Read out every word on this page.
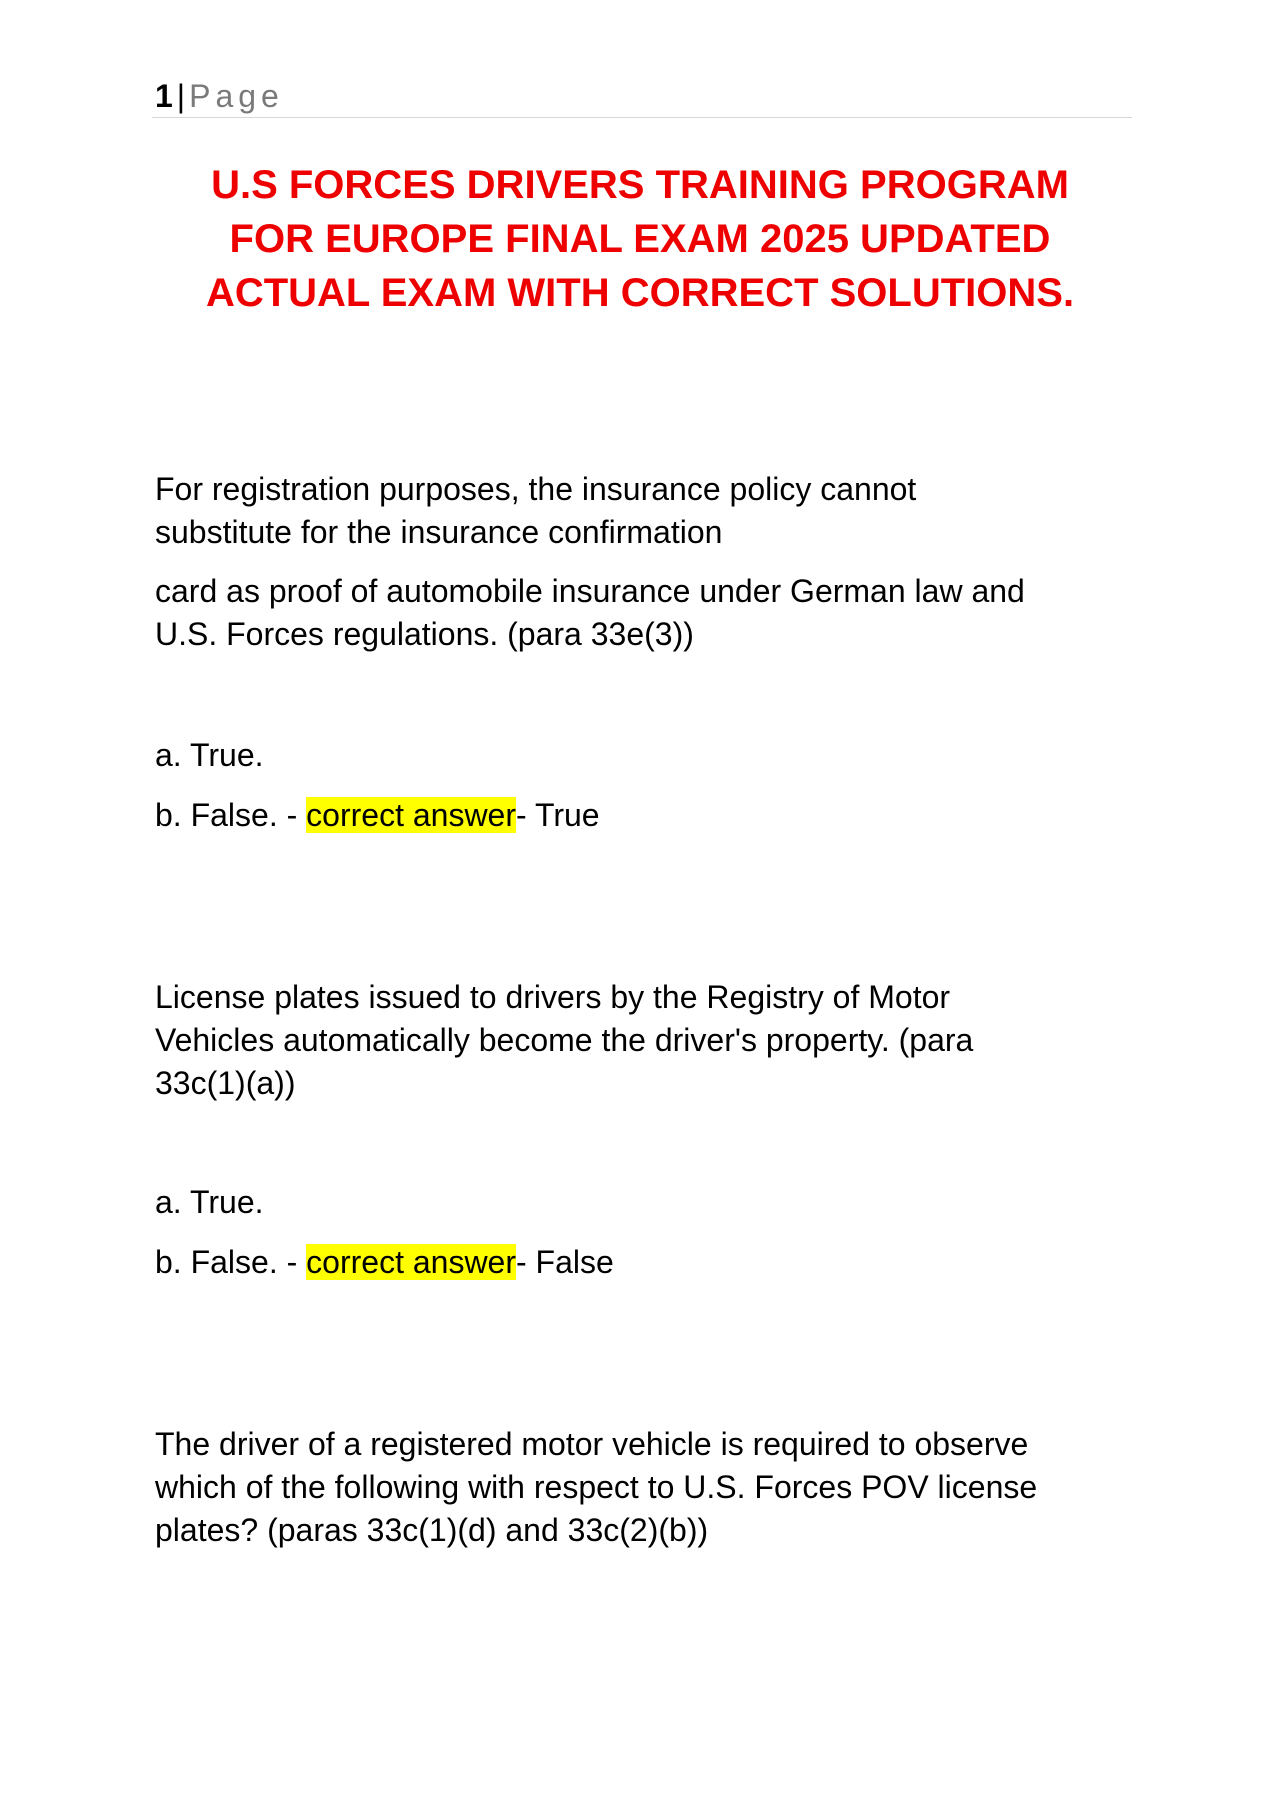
1 | Page
U.S FORCES DRIVERS TRAINING PROGRAM
FOR EUROPE FINAL EXAM 2025 UPDATED
ACTUAL EXAM WITH CORRECT SOLUTIONS.
For registration purposes, the insurance policy cannot
substitute for the insurance confirmation
card as proof of automobile insurance under German law and
U.S. Forces regulations. (para 33e(3))
a. True.
b. False. - correct answer- True
License plates issued to drivers by the Registry of Motor
Vehicles automatically become the driver's property. (para
33c(1)(a))
a. True.
b. False. - correct answer- False
The driver of a registered motor vehicle is required to observe
which of the following with respect to U.S. Forces POV license
plates? (paras 33c(1)(d) and 33c(2)(b))
